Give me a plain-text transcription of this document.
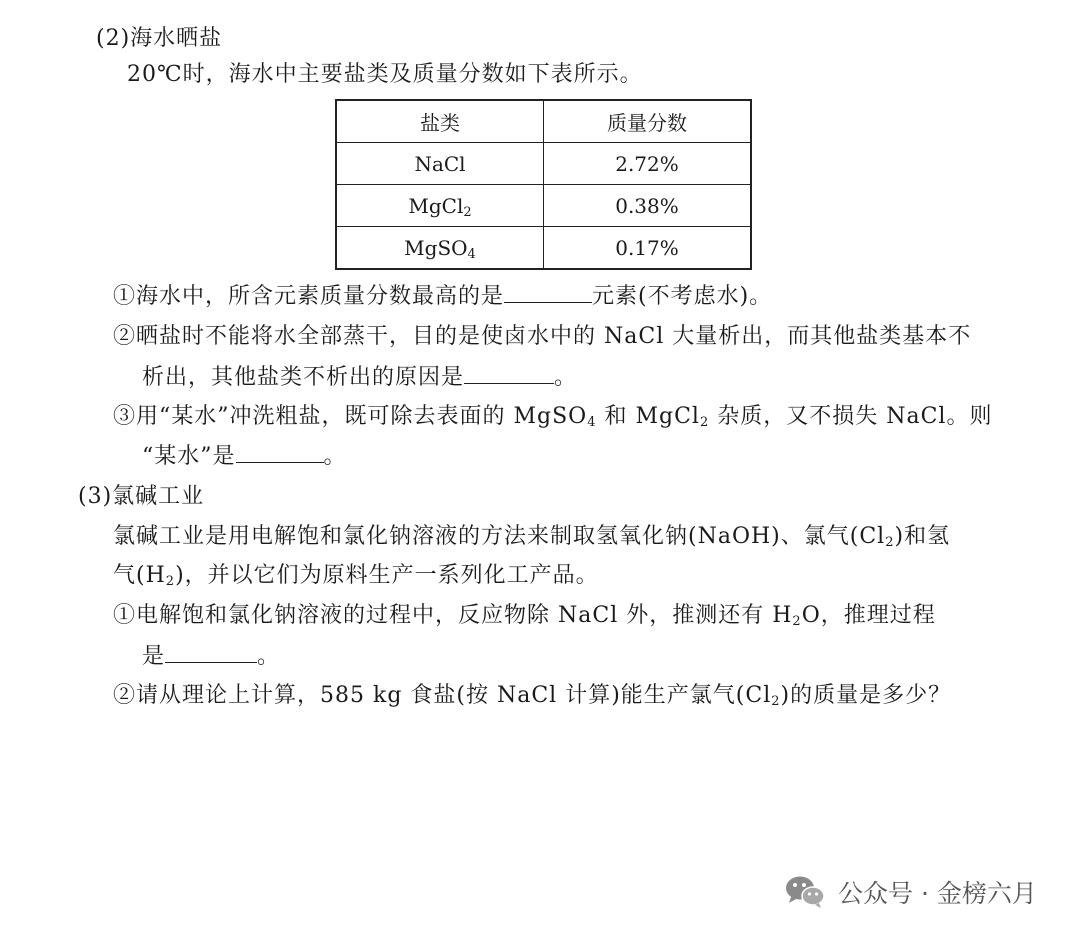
(2)海水晒盐
20℃时，海水中主要盐类及质量分数如下表所示。
盐类	质量分数
NaCl	2.72%
MgCl$_2$	0.38%
MgSO$_4$	0.17%
①海水中，所含元素质量分数最高的是	元素(不考虑水)。
②晒盐时不能将水全部蒸干，目的是使卤水中的 NaCl 大量析出，而其他盐类基本不
析出，其他盐类不析出的原因是	。
③用“某水”冲洗粗盐，既可除去表面的 MgSO$_4$ 和 MgCl$_2$ 杂质，又不损失 NaCl。则
“某水”是	。
(3)氯碱工业
氯碱工业是用电解饱和氯化钠溶液的方法来制取氢氧化钠(NaOH)、氯气$(Cl_2)$和氢
气$(H_2)$，并以它们为原料生产一系列化工产品。
①电解饱和氯化钠溶液的过程中，反应物除 NaCl 外，推测还有 $H_2O$，推理过程
是	。
②请从理论上计算，585 kg 食盐(按 NaCl 计算)能生产氯气$(Cl_2)$的质量是多少？
公众号 · 金榜六月
